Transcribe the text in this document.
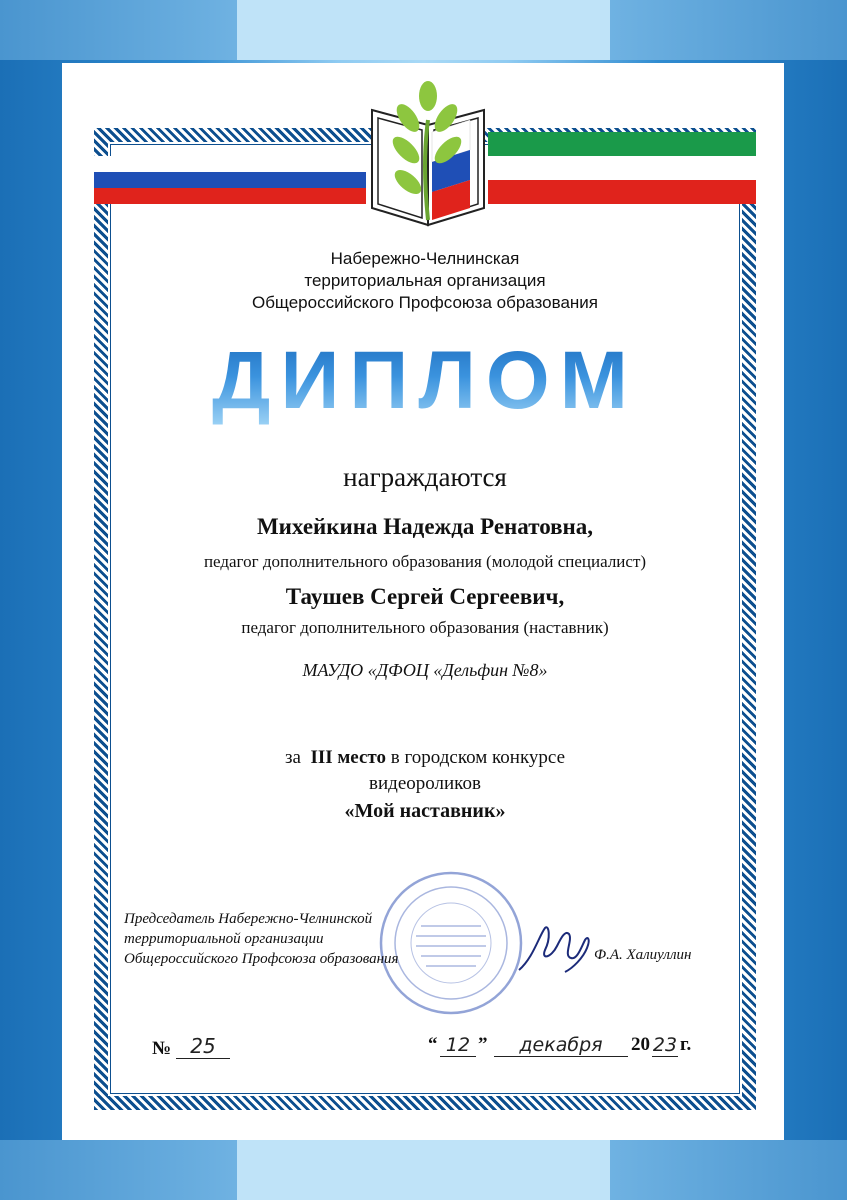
Набережно-Челнинская
территориальная организация
Общероссийского Профсоюза образования
ДИПЛОМ
награждаются
Михейкина Надежда Ренатовна,
педагог дополнительного образования (молодой специалист)
Таушев Сергей Сергеевич,
педагог дополнительного образования (наставник)
МАУДО «ДФОЦ «Дельфин №8»
за III место в городском конкурсе
видеороликов
«Мой наставник»
Председатель Набережно-Челнинской
территориальной организации
Общероссийского Профсоюза образования	Ф.А. Халиуллин
№ 25	“ 12 ”	декабря	20 23 г.
